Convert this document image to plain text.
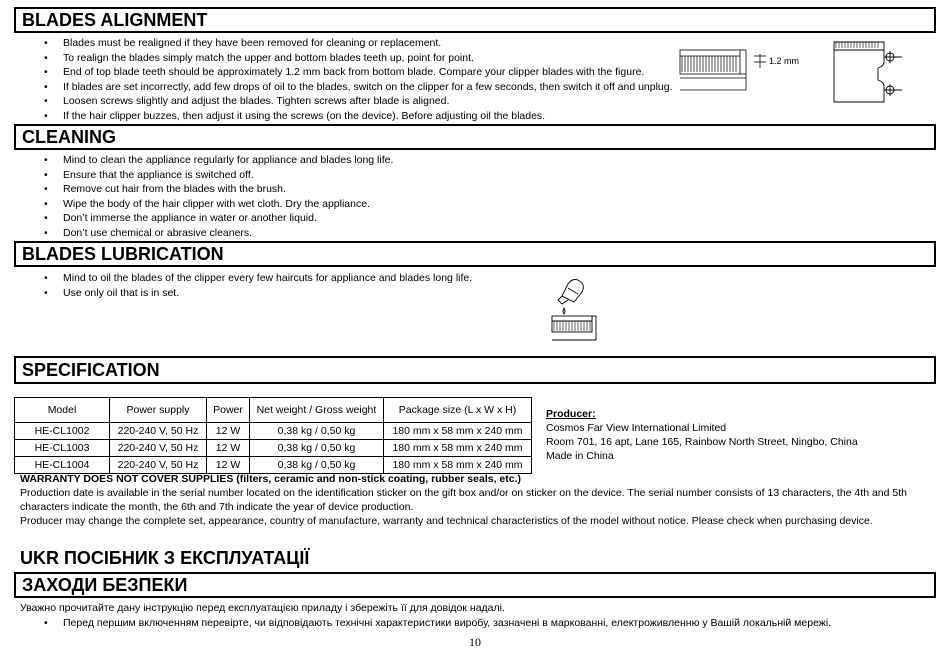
BLADES ALIGNMENT
• Blades must be realigned if they have been removed for cleaning or replacement.
• To realign the blades simply match the upper and bottom blades teeth up, point for point.
• End of top blade teeth should be approximately 1.2 mm back from bottom blade. Compare your clipper blades with the figure.
• If blades are set incorrectly, add few drops of oil to the blades, switch on the clipper for a few seconds, then switch it off and unplug.
• Loosen screws slightly and adjust the blades. Tighten screws after blade is aligned.
• If the hair clipper buzzes, then adjust it using the screws (on the device). Before adjusting oil the blades.
1.2 mm
CLEANING
• Mind to clean the appliance regularly for appliance and blades long life.
• Ensure that the appliance is switched off.
• Remove cut hair from the blades with the brush.
• Wipe the body of the hair clipper with wet cloth. Dry the appliance.
• Don’t immerse the appliance in water or another liquid.
• Don’t use chemical or abrasive cleaners.
BLADES LUBRICATION
• Mind to oil the blades of the clipper every few haircuts for appliance and blades long life.
• Use only oil that is in set.
SPECIFICATION
Model	Power supply	Power	Net weight / Gross weight	Package size (L x W x H)
HE-CL1002	220-240 V, 50 Hz	12 W	0,38 kg / 0,50 kg	180 mm x 58 mm x 240 mm
HE-CL1003	220-240 V, 50 Hz	12 W	0,38 kg / 0,50 kg	180 mm x 58 mm x 240 mm
HE-CL1004	220-240 V, 50 Hz	12 W	0,38 kg / 0,50 kg	180 mm x 58 mm x 240 mm
Producer:
Cosmos Far View International Limited
Room 701, 16 apt, Lane 165, Rainbow North Street, Ningbo, China
Made in China
WARRANTY DOES NOT COVER SUPPLIES (filters, ceramic and non-stick coating, rubber seals, etc.)
Production date is available in the serial number located on the identification sticker on the gift box and/or on sticker on the device. The serial number consists of 13 characters, the 4th and 5th characters indicate the month, the 6th and 7th indicate the year of device production.
Producer may change the complete set, appearance, country of manufacture, warranty and technical characteristics of the model without notice. Please check when purchasing device.
UKR ПОСІБНИК З ЕКСПЛУАТАЦІЇ
ЗАХОДИ БЕЗПЕКИ
Уважно прочитайте дану інструкцію перед експлуатацією приладу і збережіть її для довідок надалі.
• Перед першим включенням перевірте, чи відповідають технічні характеристики виробу, зазначені в маркованні, електроживленню у Вашій локальній мережі.
10
